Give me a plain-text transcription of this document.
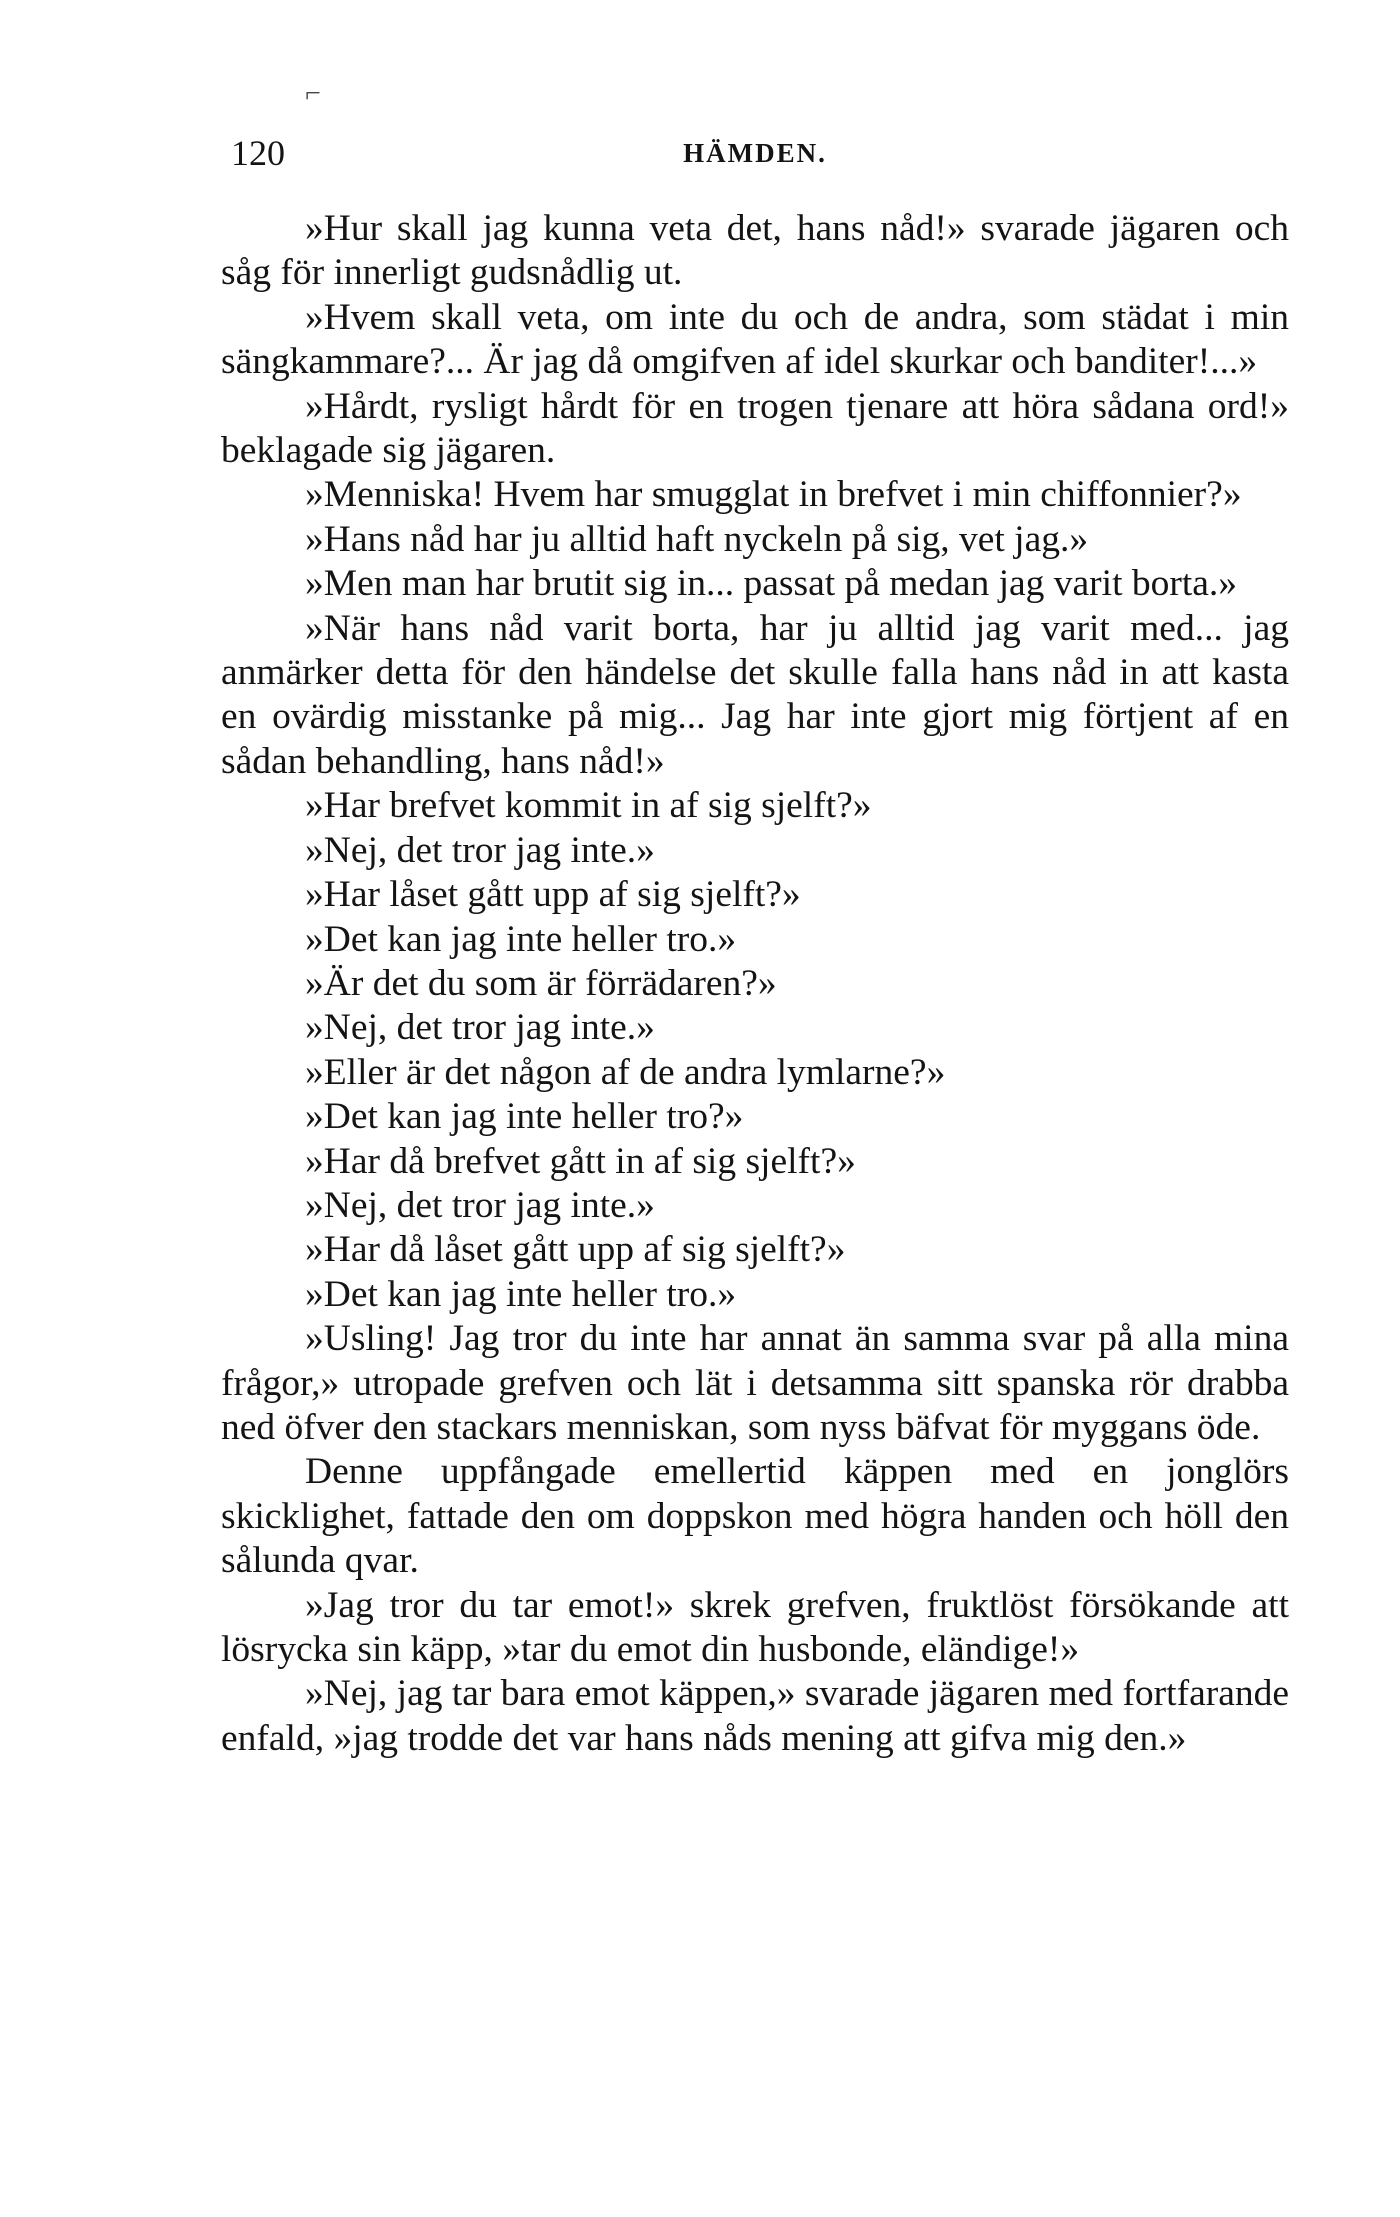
⌐
120	HÄMDEN.

»Hur skall jag kunna veta det, hans nåd!» svarade jägaren och såg för innerligt gudsnådlig ut.

»Hvem skall veta, om inte du och de andra, som städat i min sängkammare?... Är jag då omgifven af idel skurkar och banditer!...»

»Hårdt, rysligt hårdt för en trogen tjenare att höra sådana ord!» beklagade sig jägaren.

»Menniska! Hvem har smugglat in brefvet i min chiffonnier?»

»Hans nåd har ju alltid haft nyckeln på sig, vet jag.»

»Men man har brutit sig in... passat på medan jag varit borta.»

»När hans nåd varit borta, har ju alltid jag varit med... jag anmärker detta för den händelse det skulle falla hans nåd in att kasta en ovärdig misstanke på mig... Jag har inte gjort mig förtjent af en sådan behandling, hans nåd!»

»Har brefvet kommit in af sig sjelft?»

»Nej, det tror jag inte.»

»Har låset gått upp af sig sjelft?»

»Det kan jag inte heller tro.»

»Är det du som är förrädaren?»

»Nej, det tror jag inte.»

»Eller är det någon af de andra lymlarne?»

»Det kan jag inte heller tro?»

»Har då brefvet gått in af sig sjelft?»

»Nej, det tror jag inte.»

»Har då låset gått upp af sig sjelft?»

»Det kan jag inte heller tro.»

»Usling! Jag tror du inte har annat än samma svar på alla mina frågor,» utropade grefven och lät i detsamma sitt spanska rör drabba ned öfver den stackars menniskan, som nyss bäfvat för myggans öde.

Denne uppfångade emellertid käppen med en jonglörs skicklighet, fattade den om doppskon med högra handen och höll den sålunda qvar.

»Jag tror du tar emot!» skrek grefven, fruktlöst försökande att lösrycka sin käpp, »tar du emot din husbonde, eländige!»

»Nej, jag tar bara emot käppen,» svarade jägaren med fortfarande enfald, »jag trodde det var hans nåds mening att gifva mig den.»
